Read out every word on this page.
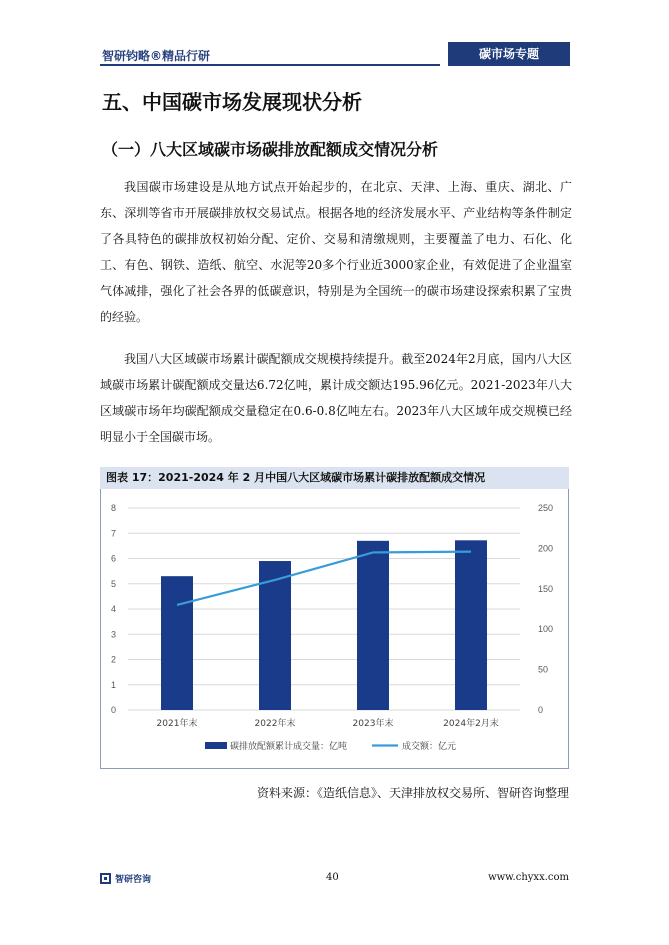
智研钧略®精品行研	碳市场专题
五、中国碳市场发展现状分析
（一）八大区域碳市场碳排放配额成交情况分析
我国碳市场建设是从地方试点开始起步的，在北京、天津、上海、重庆、湖北、广东、深圳等省市开展碳排放权交易试点。根据各地的经济发展水平、产业结构等条件制定了各具特色的碳排放权初始分配、定价、交易和清缴规则，主要覆盖了电力、石化、化工、有色、钢铁、造纸、航空、水泥等20多个行业近3000家企业，有效促进了企业温室气体减排，强化了社会各界的低碳意识，特别是为全国统一的碳市场建设探索积累了宝贵的经验。
我国八大区域碳市场累计碳配额成交规模持续提升。截至2024年2月底，国内八大区域碳市场累计碳配额成交量达6.72亿吨，累计成交额达195.96亿元。2021-2023年八大区域碳市场年均碳配额成交量稳定在0.6-0.8亿吨左右。2023年八大区域年成交规模已经明显小于全国碳市场。
图表 17：2021-2024 年 2 月中国八大区域碳市场累计碳排放配额成交情况
0
1
2
3
4
5
6
7
8
0
50
100
150
200
250
2021年末	2022年末	2023年末	2024年2月末
碳排放配额累计成交量：亿吨	成交额：亿元
资料来源：《造纸信息》、天津排放权交易所、智研咨询整理
智研咨询	40	www.chyxx.com
